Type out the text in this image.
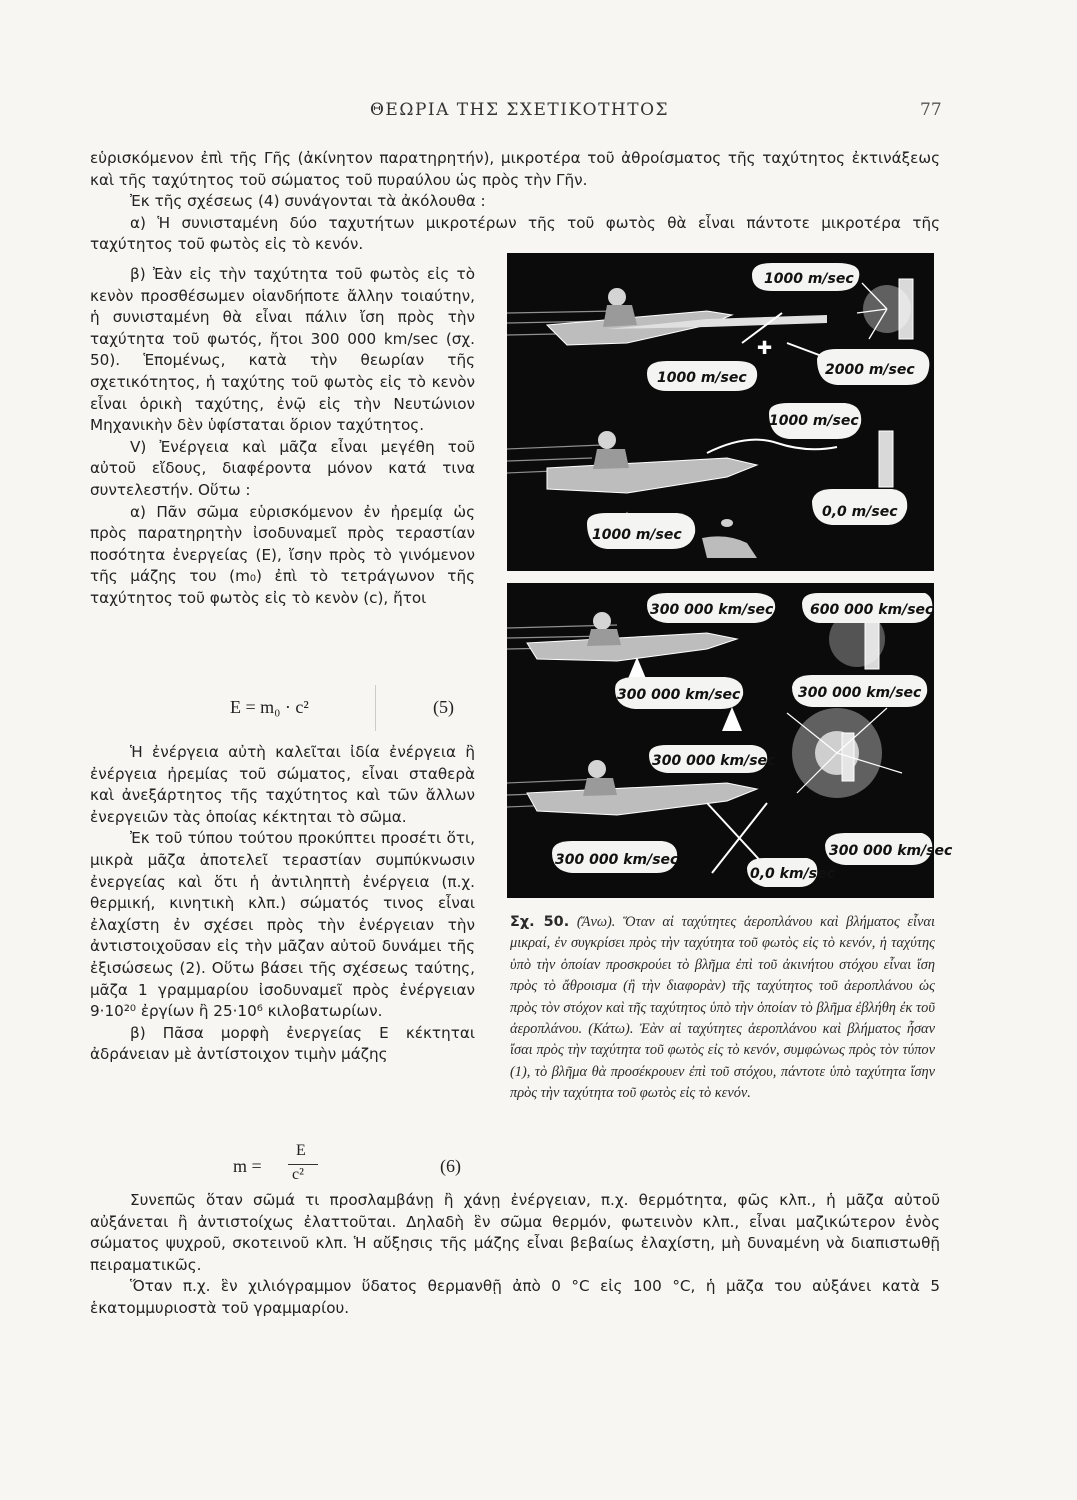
ΘΕΩΡΙΑ ΤΗΣ ΣΧΕΤΙΚΟΤΗΤΟΣ	77

εὑρισκόμενον ἐπὶ τῆς Γῆς (ἀκίνητον παρατηρητήν), μικροτέρα τοῦ ἀθροίσματος τῆς ταχύτητος ἐκτινάξεως καὶ τῆς ταχύτητος τοῦ σώματος τοῦ πυραύλου ὡς πρὸς τὴν Γῆν.

Ἐκ τῆς σχέσεως (4) συνάγονται τὰ ἀκόλουθα :

α) Ἡ συνισταμένη δύο ταχυτήτων μικροτέρων τῆς τοῦ φωτὸς θὰ εἶναι πάντοτε μικροτέρα τῆς ταχύτητος τοῦ φωτὸς εἰς τὸ κενόν.

β) Ἐὰν εἰς τὴν ταχύτητα τοῦ φωτὸς εἰς τὸ κενὸν προσθέσωμεν οἱανδήποτε ἄλλην τοιαύτην, ἡ συνισταμένη θὰ εἶναι πάλιν ἴση πρὸς τὴν ταχύτητα τοῦ φωτός, ἤτοι 300 000 km/sec (σχ. 50). Ἑπομένως, κατὰ τὴν θεωρίαν τῆς σχετικότητος, ἡ ταχύτης τοῦ φωτὸς εἰς τὸ κενὸν εἶναι ὁρικὴ ταχύτης, ἐνῷ εἰς τὴν Νευτώνιον Μηχανικὴν δὲν ὑφίσταται ὅριον ταχύτητος.

V) Ἐνέργεια καὶ μᾶζα εἶναι μεγέθη τοῦ αὐτοῦ εἴδους, διαφέροντα μόνον κατά τινα συντελεστήν. Οὕτω :

α) Πᾶν σῶμα εὑρισκόμενον ἐν ἠρεμίᾳ ὡς πρὸς παρατηρητὴν ἰσοδυναμεῖ πρὸς τεραστίαν ποσότητα ἐνεργείας (E), ἴσην πρὸς τὸ γινόμενον τῆς μάζης του (m₀) ἐπὶ τὸ τετράγωνον τῆς ταχύτητος τοῦ φωτὸς εἰς τὸ κενὸν (c), ἤτοι

E = m₀ · c²	(5)

Ἡ ἐνέργεια αὐτὴ καλεῖται ἰδία ἐνέργεια ἢ ἐνέργεια ἠρεμίας τοῦ σώματος, εἶναι σταθερὰ καὶ ἀνεξάρτητος τῆς ταχύτητος καὶ τῶν ἄλλων ἐνεργειῶν τὰς ὁποίας κέκτηται τὸ σῶμα.

Ἐκ τοῦ τύπου τούτου προκύπτει προσέτι ὅτι, μικρὰ μᾶζα ἀποτελεῖ τεραστίαν συμπύκνωσιν ἐνεργείας καὶ ὅτι ἡ ἀντιληπτὴ ἐνέργεια (π.χ. θερμική, κινητικὴ κλπ.) σώματός τινος εἶναι ἐλαχίστη ἐν σχέσει πρὸς τὴν ἐνέργειαν τὴν ἀντιστοιχοῦσαν εἰς τὴν μᾶζαν αὐτοῦ δυνάμει τῆς ἐξισώσεως (2). Οὕτω βάσει τῆς σχέσεως ταύτης, μᾶζα 1 γραμμαρίου ἰσοδυναμεῖ πρὸς ἐνέργειαν 9·10²⁰ ἐργίων ἢ 25·10⁶ κιλοβατωρίων.

β) Πᾶσα μορφὴ ἐνεργείας E κέκτηται ἀδράνειαν μὲ ἀντίστοιχον τιμὴν μάζης

m =
E
c²	(6)

Συνεπῶς ὅταν σῶμά τι προσλαμβάνῃ ἢ χάνῃ ἐνέργειαν, π.χ. θερμότητα, φῶς κλπ., ἡ μᾶζα αὐτοῦ αὐξάνεται ἢ ἀντιστοίχως ἐλαττοῦται. Δηλαδὴ ἓν σῶμα θερμόν, φωτεινὸν κλπ., εἶναι μαζικώτερον ἑνὸς σώματος ψυχροῦ, σκοτεινοῦ κλπ. Ἡ αὔξησις τῆς μάζης εἶναι βεβαίως ἐλαχίστη, μὴ δυναμένη νὰ διαπιστωθῇ πειραματικῶς.

Ὅταν π.χ. ἓν χιλιόγραμμον ὕδατος θερμανθῇ ἀπὸ 0 °C εἰς 100 °C, ἡ μᾶζα του αὐξάνει κατὰ 5 ἑκατομμυριοστὰ τοῦ γραμμαρίου.

+
1000 m/sec
1000 m/sec	2000 m/sec
1000 m/sec
1000 m/sec
0,0 m/sec
300 000 km/sec	600 000 km/sec
300 000 km/sec	300 000 km/sec
300 000 km/sec
300 000 km/sec
0,0 km/sec
300 000 km/sec
Σχ. 50. (Ἄνω). Ὅταν αἱ ταχύτητες ἀεροπλάνου καὶ βλήματος εἶναι μικραί, ἐν συγκρίσει πρὸς τὴν ταχύτητα τοῦ φωτὸς εἰς τὸ κενόν, ἡ ταχύτης ὑπὸ τὴν ὁποίαν προσκρούει τὸ βλῆμα ἐπὶ τοῦ ἀκινήτου στόχου εἶναι ἴση πρὸς τὸ ἄθροισμα (ἢ τὴν διαφορὰν) τῆς ταχύτητος τοῦ ἀεροπλάνου ὡς πρὸς τὸν στόχον καὶ τῆς ταχύτητος ὑπὸ τὴν ὁποίαν τὸ βλῆμα ἐβλήθη ἐκ τοῦ ἀεροπλάνου. (Κάτω). Ἐὰν αἱ ταχύτητες ἀεροπλάνου καὶ βλήματος ἦσαν ἴσαι πρὸς τὴν ταχύτητα τοῦ φωτὸς εἰς τὸ κενόν, συμφώνως πρὸς τὸν τύπον (1), τὸ βλῆμα θὰ προσέκρουεν ἐπὶ τοῦ στόχου, πάντοτε ὑπὸ ταχύτητα ἴσην πρὸς τὴν ταχύτητα τοῦ φωτὸς εἰς τὸ κενόν.
